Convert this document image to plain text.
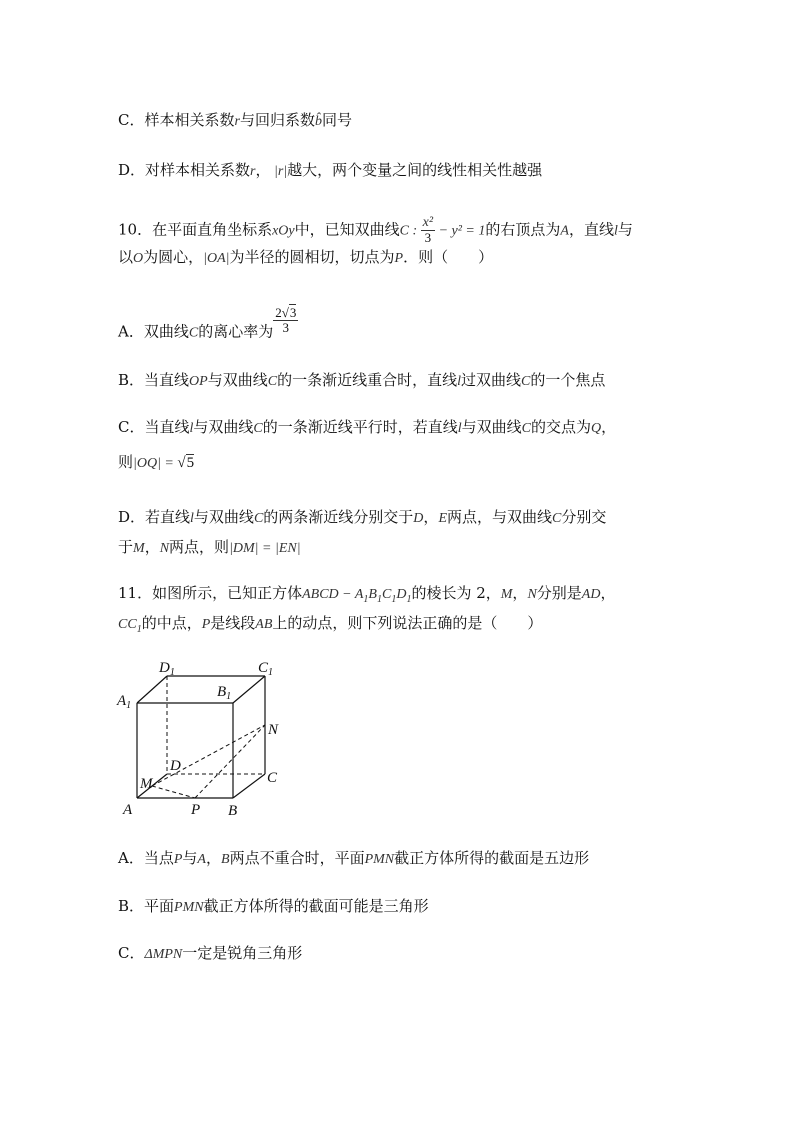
C．样本相关系数r与回归系数b̂同号
D．对样本相关系数r， |r|越大，两个变量之间的线性相关性越强
10．在平面直角坐标系xOy中，已知双曲线C : $\frac{\text{x²}}{3} - y^2 = 1$的右顶点为A，直线l与
以O为圆心，|OA|为半径的圆相切，切点为P．则（　　）
A．双曲线C的离心率为 $\frac{2√3}{3}$
B．当直线OP与双曲线C的一条渐近线重合时，直线l过双曲线C的一个焦点
C．当直线l与双曲线C的一条渐近线平行时，若直线l与双曲线C的交点为Q，
则|OQ| = √5
D．若直线l与双曲线C的两条渐近线分别交于D，E两点，与双曲线C分别交
于M，N两点，则|DM| = |EN|
11．如图所示，已知正方体ABCD − $A_1B_1C_1D_1$的棱长为 2，M，N分别是AD，
$CC_1$的中点，P是线段AB上的动点，则下列说法正确的是（　　）
$D_1$	$C_1$
$A_1$
$B_1$
N
D
C
M
A	P B
A．当点P与A，B两点不重合时，平面PMN截正方体所得的截面是五边形
B．平面PMN截正方体所得的截面可能是三角形
C．ΔMPN一定是锐角三角形
